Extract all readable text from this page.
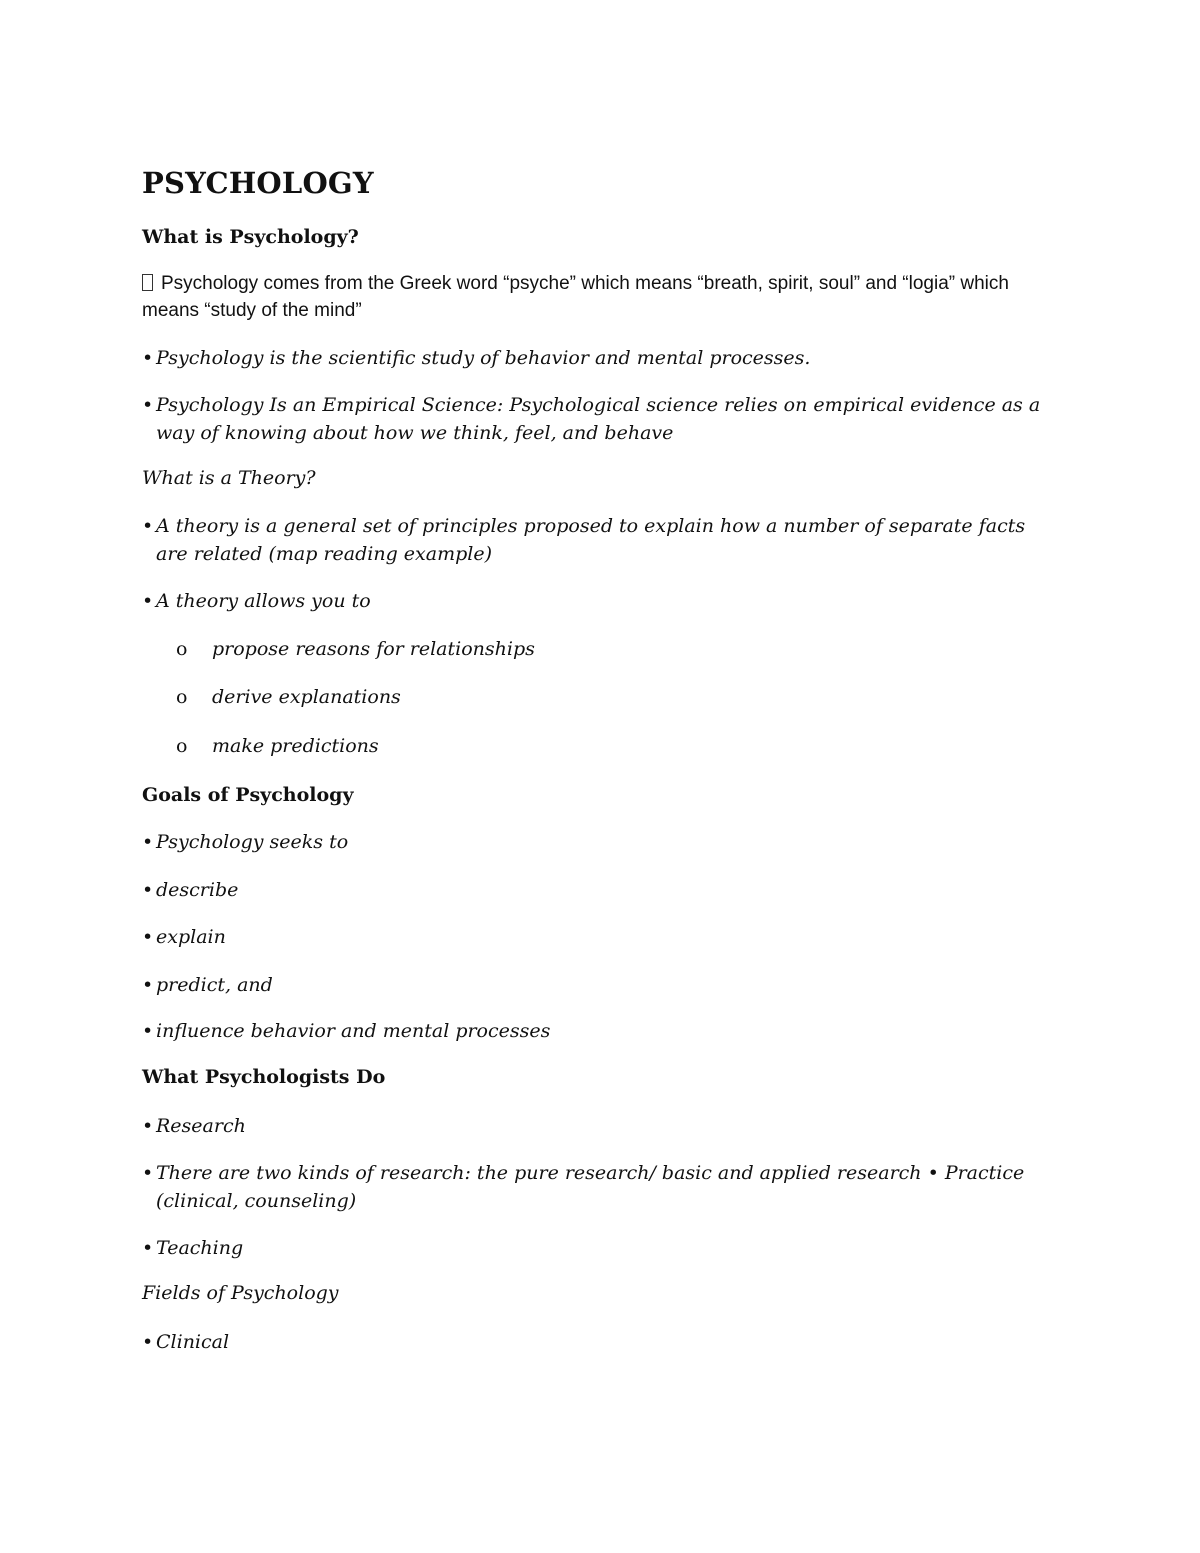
PSYCHOLOGY
What is Psychology?
Psychology comes from the Greek word “psyche” which means “breath, spirit, soul” and “logia” which means “study of the mind”
• Psychology is the scientific study of behavior and mental processes.
• Psychology Is an Empirical Science: Psychological science relies on empirical evidence as a way of knowing about how we think, feel, and behave

What is a Theory?

• A theory is a general set of principles proposed to explain how a number of separate facts are related (map reading example)
• A theory allows you to
o	propose reasons for relationships
o	derive explanations
o	make predictions
Goals of Psychology
• Psychology seeks to
• describe
• explain
• predict, and
• influence behavior and mental processes
What Psychologists Do
• Research
• There are two kinds of research: the pure research/ basic and applied research • Practice (clinical, counseling)
• Teaching

Fields of Psychology

• Clinical
